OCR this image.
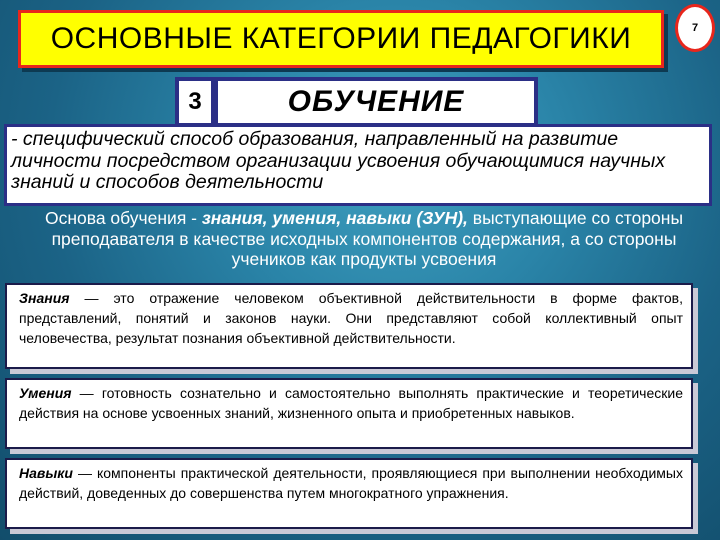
ОСНОВНЫЕ КАТЕГОРИИ ПЕДАГОГИКИ	7
3	ОБУЧЕНИЕ
- специфический способ образования, направленный на развитие личности посредством организации усвоения обучающимися научных знаний и способов деятельности
Основа обучения - знания, умения, навыки (ЗУН), выступающие со стороны преподавателя в качестве исходных компонентов содержания, а со стороны учеников как продукты усвоения
Знания — это отражение человеком объективной действительности в форме фактов, представлений, понятий и законов науки. Они представляют собой коллективный опыт человечества, результат познания объективной действительности.
Умения — готовность сознательно и самостоятельно выполнять практические и теоретические действия на основе усвоенных знаний, жизненного опыта и приобретенных навыков.
Навыки — компоненты практической деятельности, проявляющиеся при выполнении необходимых действий, доведенных до совершенства путем многократного упражнения.
